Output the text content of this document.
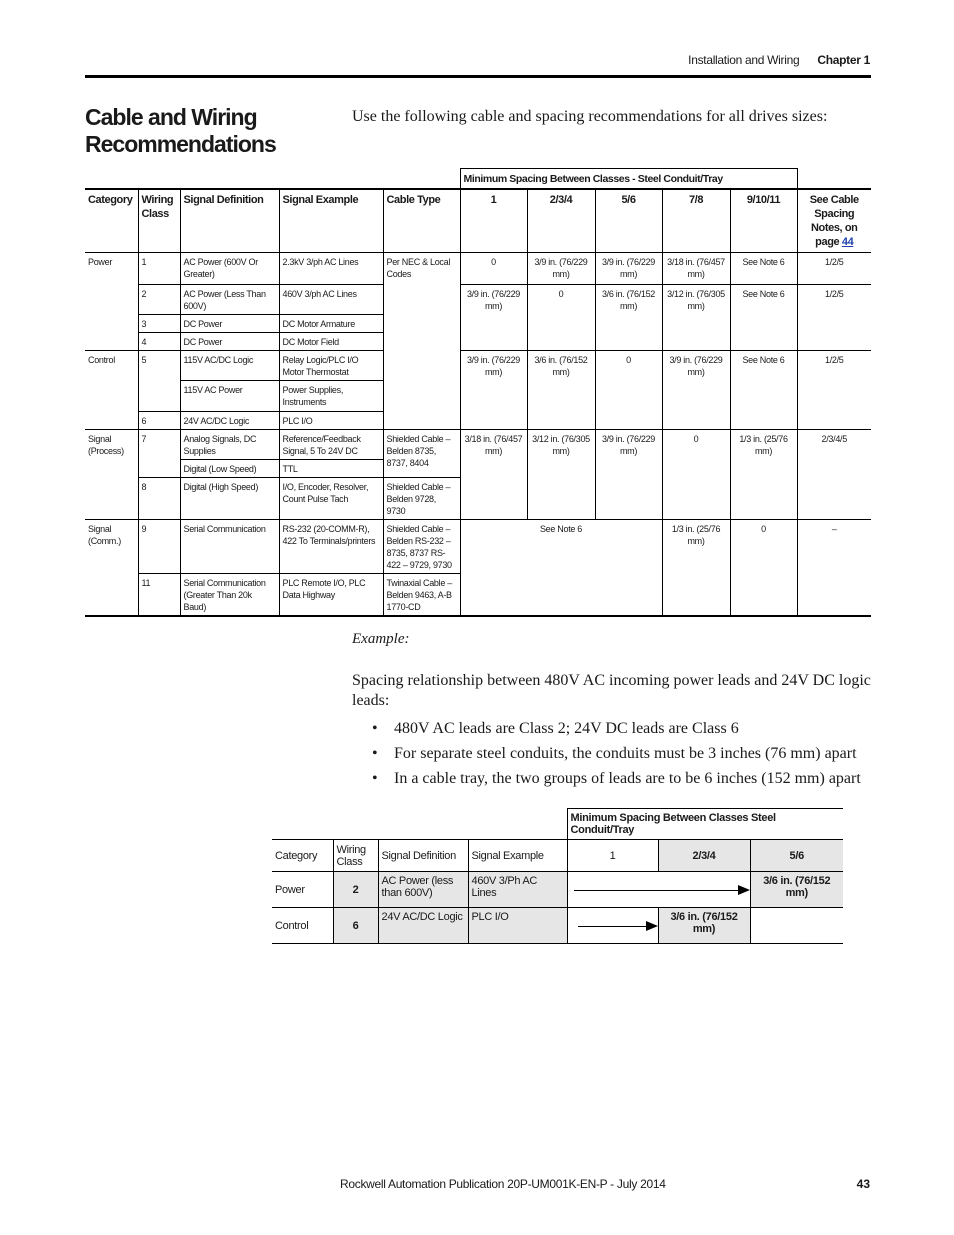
Installation and Wiring Chapter 1
Cable and Wiring Recommendations
Use the following cable and spacing recommendations for all drives sizes:
					Minimum Spacing Between Classes - Steel Conduit/Tray					
Category	Wiring Class	Signal Definition	Signal Example	Cable Type	1	2/3/4	5/6	7/8	9/10/11	See Cable Spacing Notes, on page 44
Power	1	AC Power (600V Or Greater)	2.3kV 3/ph AC Lines	Per NEC & Local Codes	0	3/9 in. (76/229 mm)	3/9 in. (76/229 mm)	3/18 in. (76/457 mm)	See Note 6	1/2/5
	2	AC Power (Less Than 600V)	460V 3/ph AC Lines		3/9 in. (76/229 mm)	0	3/6 in. (76/152 mm)	3/12 in. (76/305 mm)	See Note 6	1/2/5
	3	DC Power	DC Motor Armature							
	4	DC Power	DC Motor Field							
Control	5	115V AC/DC Logic	Relay Logic/PLC I/O Motor Thermostat		3/9 in. (76/229 mm)	3/6 in. (76/152 mm)	0	3/9 in. (76/229 mm)	See Note 6	1/2/5
		115V AC Power	Power Supplies, Instruments							
	6	24V AC/DC Logic	PLC I/O							
Signal (Process)	7	Analog Signals, DC Supplies	Reference/Feedback Signal, 5 To 24V DC	Shielded Cable – Belden 8735, 8737, 8404	3/18 in. (76/457 mm)	3/12 in. (76/305 mm)	3/9 in. (76/229 mm)	0	1/3 in. (25/76 mm)	2/3/4/5
		Digital (Low Speed)	TTL							
	8	Digital (High Speed)	I/O, Encoder, Resolver, Count Pulse Tach	Shielded Cable – Belden 9728, 9730						
Signal (Comm.)	9	Serial Communication	RS-232 (20-COMM-R), 422 To Terminals/printers	Shielded Cable – Belden RS-232 – 8735, 8737 RS-422 – 9729, 9730	See Note 6			1/3 in. (25/76 mm)	0	–
	11	Serial Communication (Greater Than 20k Baud)	PLC Remote I/O, PLC Data Highway	Twinaxial Cable – Belden 9463, A-B 1770-CD						
Example:
Spacing relationship between 480V AC incoming power leads and 24V DC logic leads:
• 480V AC leads are Class 2; 24V DC leads are Class 6
• For separate steel conduits, the conduits must be 3 inches (76 mm) apart
• In a cable tray, the two groups of leads are to be 6 inches (152 mm) apart
				Minimum Spacing Between Classes Steel Conduit/Tray		
Category	Wiring Class	Signal Definition	Signal Example	1	2/3/4	5/6
Power	2	AC Power (less than 600V)	460V 3/Ph AC Lines			3/6 in. (76/152 mm)
Control	6	24V AC/DC Logic	PLC I/O		3/6 in. (76/152 mm)	
Rockwell Automation Publication 20P-UM001K-EN-P - July 2014	43
